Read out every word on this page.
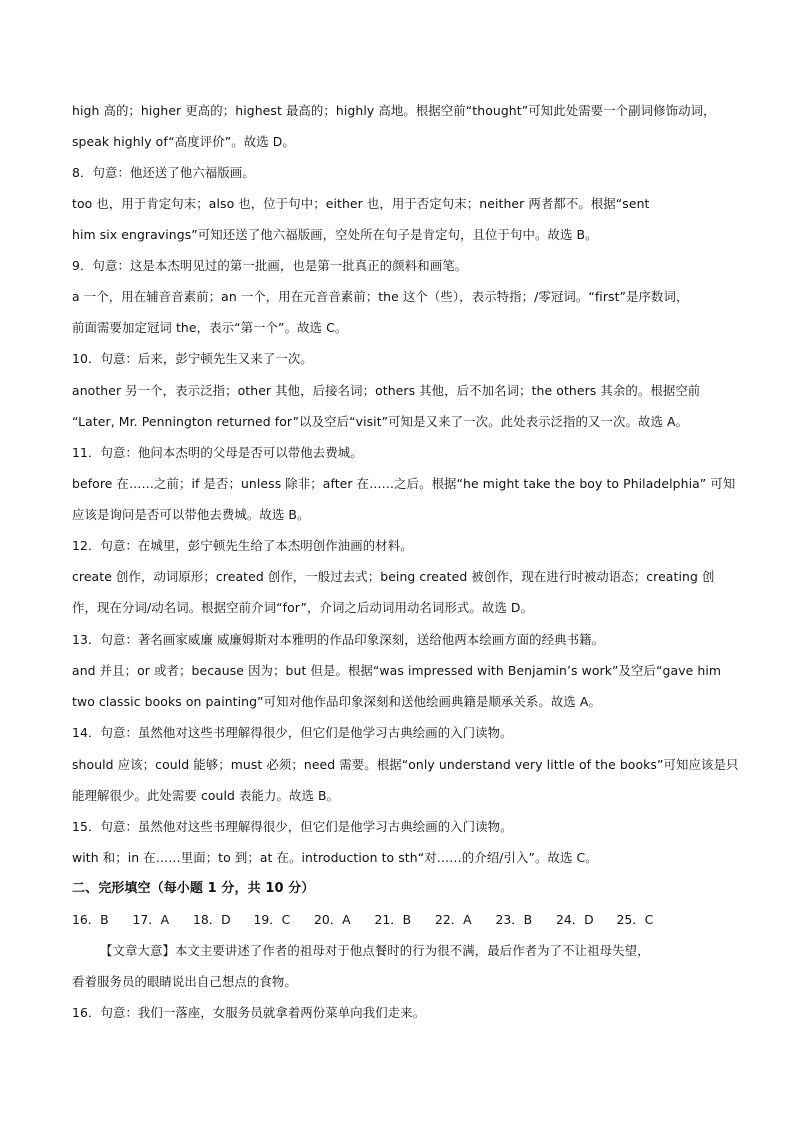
high 高的；higher 更高的；highest 最高的；highly 高地。根据空前“thought”可知此处需要一个副词修饰动词，
speak highly of“高度评价”。故选 D。
8．句意：他还送了他六福版画。
too 也，用于肯定句末；also 也，位于句中；either 也，用于否定句末；neither 两者都不。根据“sent
him six engravings”可知还送了他六福版画，空处所在句子是肯定句，且位于句中。故选 B。
9．句意：这是本杰明见过的第一批画，也是第一批真正的颜料和画笔。
a 一个，用在辅音音素前；an 一个，用在元音音素前；the 这个（些），表示特指；/零冠词。“first”是序数词，
前面需要加定冠词 the，表示“第一个”。故选 C。
10．句意：后来，彭宁顿先生又来了一次。
another 另一个，表示泛指；other 其他，后接名词；others 其他，后不加名词；the others 其余的。根据空前
“Later, Mr. Pennington returned for”以及空后“visit”可知是又来了一次。此处表示泛指的又一次。故选 A。
11．句意：他问本杰明的父母是否可以带他去费城。
before 在……之前；if 是否；unless 除非；after 在……之后。根据“he might take the boy to Philadelphia” 可知
应该是询问是否可以带他去费城。故选 B。
12．句意：在城里，彭宁顿先生给了本杰明创作油画的材料。
create 创作，动词原形；created 创作，一般过去式；being created 被创作，现在进行时被动语态；creating 创
作，现在分词/动名词。根据空前介词“for”，介词之后动词用动名词形式。故选 D。
13．句意：著名画家威廉 威廉姆斯对本雅明的作品印象深刻，送给他两本绘画方面的经典书籍。
and 并且；or 或者；because 因为；but 但是。根据“was impressed with Benjamin’s work”及空后“gave him
two classic books on painting”可知对他作品印象深刻和送他绘画典籍是顺承关系。故选 A。
14．句意：虽然他对这些书理解得很少，但它们是他学习古典绘画的入门读物。
should 应该；could 能够；must 必须；need 需要。根据“only understand very little of the books”可知应该是只
能理解很少。此处需要 could 表能力。故选 B。
15．句意：虽然他对这些书理解得很少，但它们是他学习古典绘画的入门读物。
with 和；in 在……里面；to 到；at 在。introduction to sth“对……的介绍/引入”。故选 C。
二、完形填空（每小题 1 分，共 10 分）
16．B	17．A	18．D	19．C	20．A	21．B	22．A	23．B	24．D	25．C
【文章大意】本文主要讲述了作者的祖母对于他点餐时的行为很不满，最后作者为了不让祖母失望，
看着服务员的眼睛说出自己想点的食物。
16．句意：我们一落座，女服务员就拿着两份菜单向我们走来。
